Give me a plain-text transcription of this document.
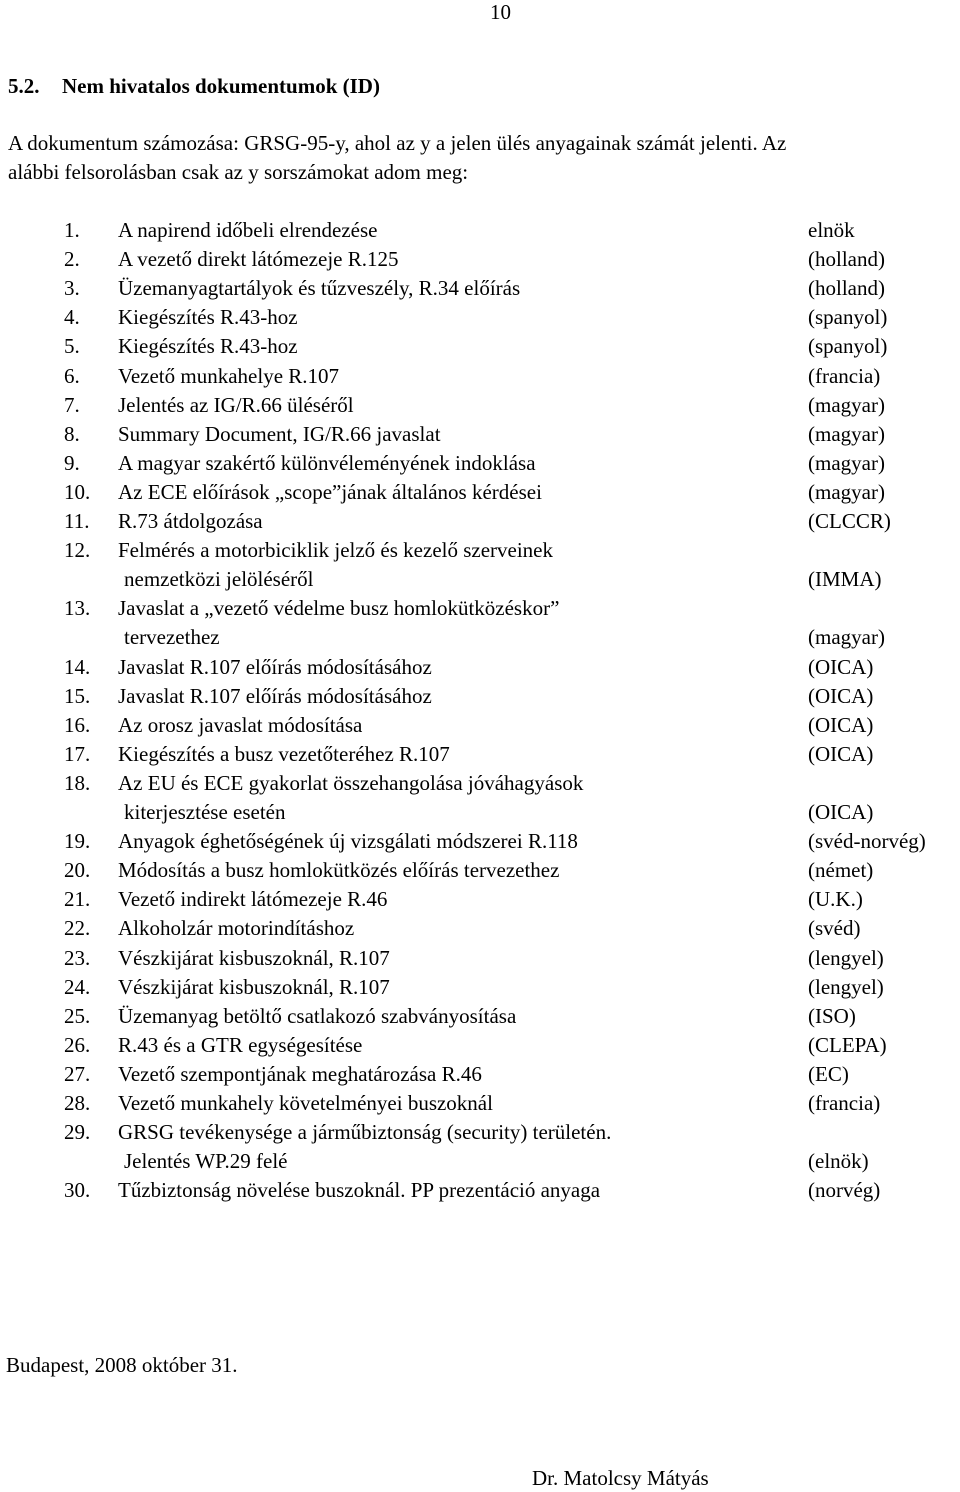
10
5.2. Nem hivatalos dokumentumok (ID)
A dokumentum számozása: GRSG-95-y, ahol az y a jelen ülés anyagainak számát jelenti. Az
alábbi felsorolásban csak az y sorszámokat adom meg:
1. A napirend időbeli elrendezése	elnök
2. A vezető direkt látómezeje R.125	(holland)
3. Üzemanyagtartályok és tűzveszély, R.34 előírás	(holland)
4. Kiegészítés R.43-hoz	(spanyol)
5. Kiegészítés R.43-hoz	(spanyol)
6. Vezető munkahelye R.107	(francia)
7. Jelentés az IG/R.66 üléséről	(magyar)
8. Summary Document, IG/R.66 javaslat	(magyar)
9. A magyar szakértő különvéleményének indoklása	(magyar)
10. Az ECE előírások „scope”jának általános kérdései	(magyar)
11. R.73 átdolgozása	(CLCCR)
12. Felmérés a motorbiciklik jelző és kezelő szerveinek
nemzetközi jelöléséről	(IMMA)
13. Javaslat a „vezető védelme busz homlokütközéskor”
tervezethez	(magyar)
14. Javaslat R.107 előírás módosításához	(OICA)
15. Javaslat R.107 előírás módosításához	(OICA)
16. Az orosz javaslat módosítása	(OICA)
17. Kiegészítés a busz vezetőteréhez R.107	(OICA)
18. Az EU és ECE gyakorlat összehangolása jóváhagyások
kiterjesztése esetén	(OICA)
19. Anyagok éghetőségének új vizsgálati módszerei R.118	(svéd-norvég)
20. Módosítás a busz homlokütközés előírás tervezethez	(német)
21. Vezető indirekt látómezeje R.46	(U.K.)
22. Alkoholzár motorindításhoz	(svéd)
23. Vészkijárat kisbuszoknál, R.107	(lengyel)
24. Vészkijárat kisbuszoknál, R.107	(lengyel)
25. Üzemanyag betöltő csatlakozó szabványosítása	(ISO)
26. R.43 és a GTR egységesítése	(CLEPA)
27. Vezető szempontjának meghatározása R.46	(EC)
28. Vezető munkahely követelményei buszoknál	(francia)
29. GRSG tevékenysége a járműbiztonság (security) területén.
Jelentés WP.29 felé	(elnök)
30. Tűzbiztonság növelése buszoknál. PP prezentáció anyaga	(norvég)
Budapest, 2008 október 31.
Dr. Matolcsy Mátyás
